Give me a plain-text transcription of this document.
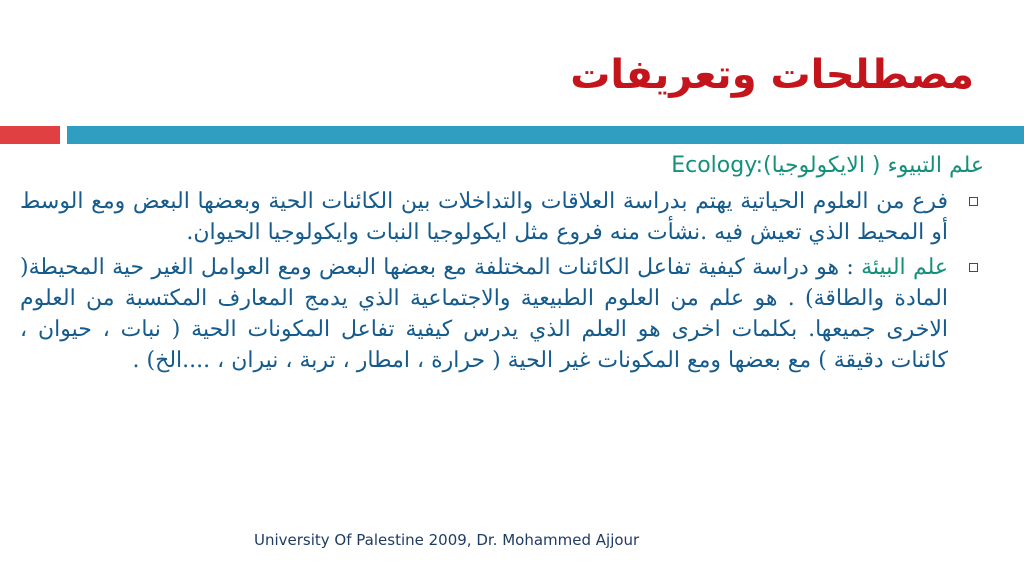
مصطلحات وتعريفات
علم التبيوء ( الايكولوجيا)Ecology:
فرع من العلوم الحياتية يهتم بدراسة العلاقات والتداخلات بين الكائنات الحية وبعضها البعض ومع الوسط أو المحيط الذي تعيش فيه .نشأت منه فروع مثل ايكولوجيا النبات وايكولوجيا الحيوان.
علم البيئة : هو دراسة كيفية تفاعل الكائنات المختلفة مع بعضها البعض ومع العوامل الغير حية المحيطة( المادة والطاقة) . هو علم من العلوم الطبيعية والاجتماعية الذي يدمج المعارف المكتسبة من العلوم الاخرى جميعها. بكلمات اخرى هو العلم الذي يدرس كيفية تفاعل المكونات الحية ( نبات ، حيوان ، كائنات دقيقة ) مع بعضها ومع المكونات غير الحية ( حرارة ، امطار ، تربة ، نيران ، ....الخ) .
University Of Palestine 2009, Dr. Mohammed Ajjour
